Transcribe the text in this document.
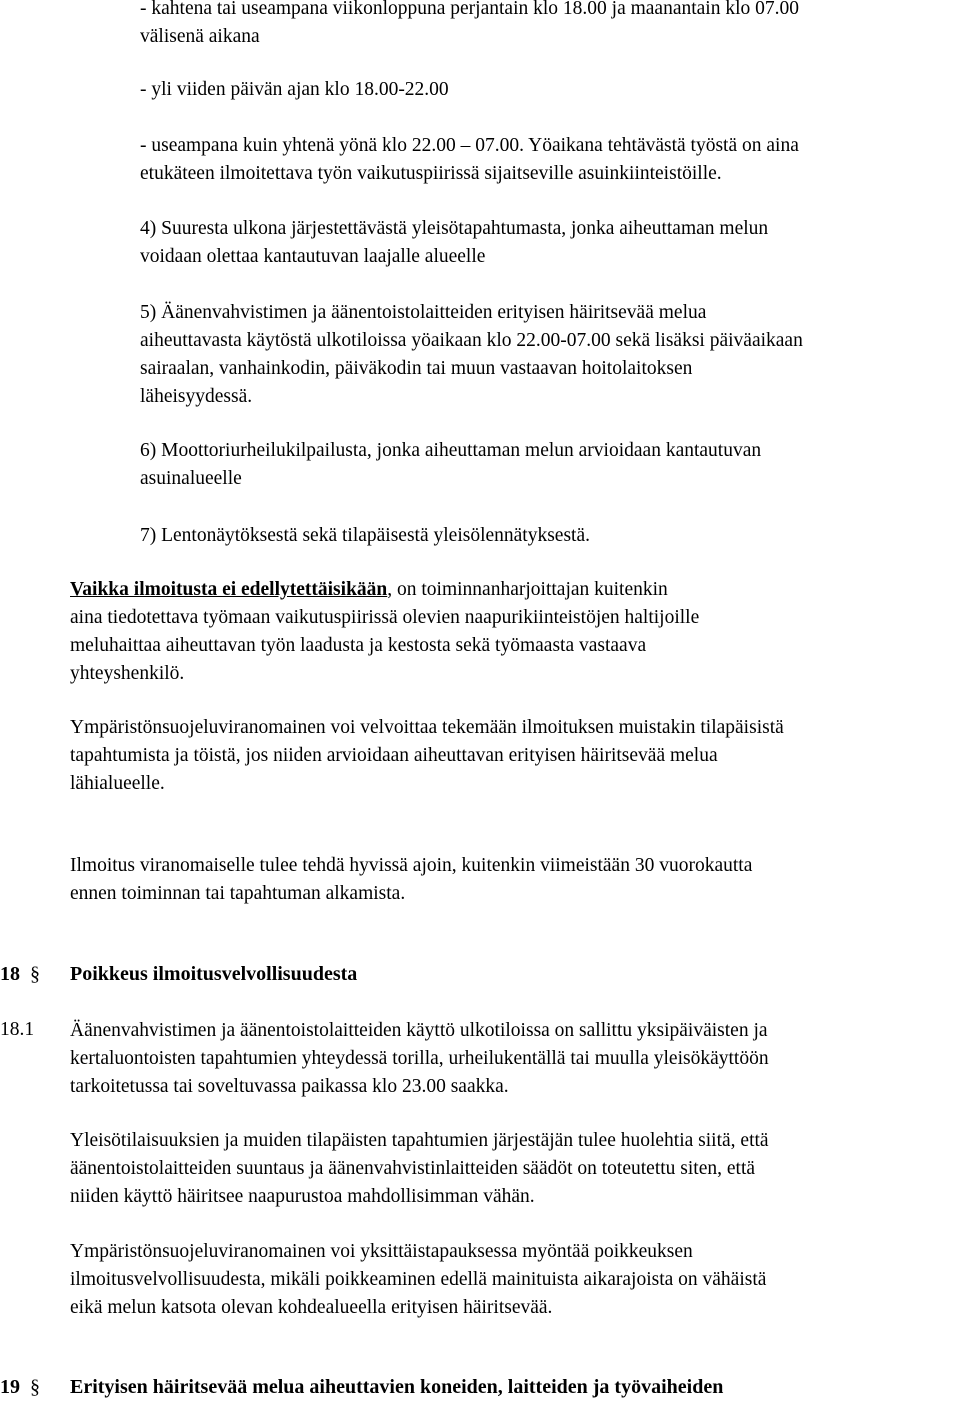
- kahtena tai useampana viikonloppuna perjantain klo 18.00 ja maanantain klo 07.00
välisenä aikana

- yli viiden päivän ajan klo 18.00-22.00

- useampana kuin yhtenä yönä klo 22.00 – 07.00. Yöaikana tehtävästä työstä on aina
etukäteen ilmoitettava työn vaikutuspiirissä sijaitseville asuinkiinteistöille.

4) Suuresta ulkona järjestettävästä yleisötapahtumasta, jonka aiheuttaman melun
voidaan olettaa kantautuvan laajalle alueelle

5) Äänenvahvistimen ja äänentoistolaitteiden erityisen häiritsevää melua
aiheuttavasta käytöstä ulkotiloissa yöaikaan klo 22.00-07.00 sekä lisäksi päiväaikaan
sairaalan, vanhainkodin, päiväkodin tai muun vastaavan hoitolaitoksen
läheisyydessä.

6) Moottoriurheilukilpailusta, jonka aiheuttaman melun arvioidaan kantautuvan
asuinalueelle

7) Lentonäytöksestä sekä tilapäisestä yleisölennätyksestä.

Vaikka ilmoitusta ei edellytettäisikään, on toiminnanharjoittajan kuitenkin
aina tiedotettava työmaan vaikutuspiirissä olevien naapurikiinteistöjen haltijoille
meluhaittaa aiheuttavan työn laadusta ja kestosta sekä työmaasta vastaava
yhteyshenkilö.

Ympäristönsuojeluviranomainen voi velvoittaa tekemään ilmoituksen muistakin tilapäisistä
tapahtumista ja töistä, jos niiden arvioidaan aiheuttavan erityisen häiritsevää melua
lähialueelle.

Ilmoitus viranomaiselle tulee tehdä hyvissä ajoin, kuitenkin viimeistään 30 vuorokautta
ennen toiminnan tai tapahtuman alkamista.

18 § Poikkeus ilmoitusvelvollisuudesta
18.1 Äänenvahvistimen ja äänentoistolaitteiden käyttö ulkotiloissa on sallittu yksipäiväisten ja
kertaluontoisten tapahtumien yhteydessä torilla, urheilukentällä tai muulla yleisökäyttöön
tarkoitetussa tai soveltuvassa paikassa klo 23.00 saakka.

Yleisötilaisuuksien ja muiden tilapäisten tapahtumien järjestäjän tulee huolehtia siitä, että
äänentoistolaitteiden suuntaus ja äänenvahvistinlaitteiden säädöt on toteutettu siten, että
niiden käyttö häiritsee naapurustoa mahdollisimman vähän.

Ympäristönsuojeluviranomainen voi yksittäistapauksessa myöntää poikkeuksen
ilmoitusvelvollisuudesta, mikäli poikkeaminen edellä mainituista aikarajoista on vähäistä
eikä melun katsota olevan kohdealueella erityisen häiritsevää.

19 § Erityisen häiritsevää melua aiheuttavien koneiden, laitteiden ja työvaiheiden
